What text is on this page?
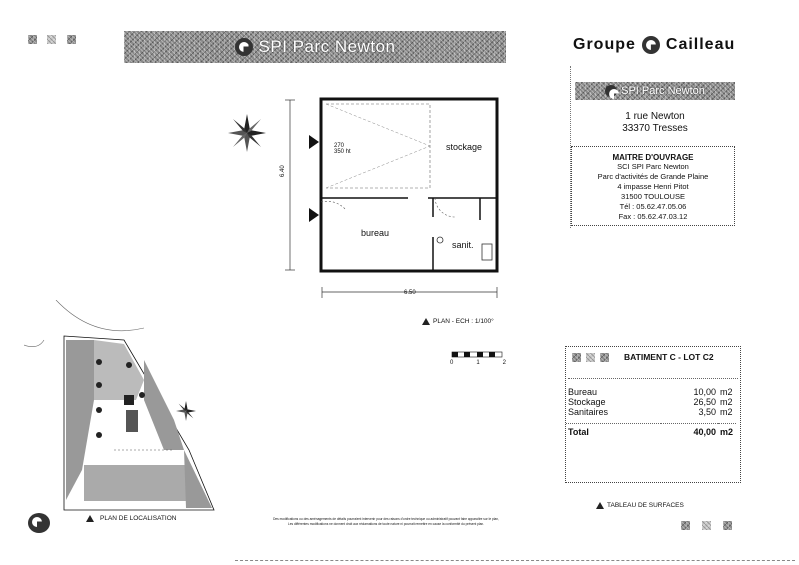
SPI Parc Newton	Groupe Cailleau
SPI Parc Newton
1 rue Newton
33370 Tresses
MAITRE D'OUVRAGE
SCI SPI Parc Newton
Parc d'activités de Grande Plaine
4 impasse Henri Pitot
31500 TOULOUSE
Tél : 05.62.47.05.06
Fax : 05.62.47.03.12
stockage
bureau
sanit.
270
350 ht
6.40
6.50
PLAN - ECH : 1/100°
0	1	2
PLAN DE LOCALISATION	Des modifications ou des aménagements de détails pourraient intervenir pour des raisons d'ordre technique ou administratif pouvant faire apparaître sur le plan,
Les différentes modifications ne donnent droit aux réclamations de toute nature ni pourrait remettre en cause la conformité du présent plan.
BATIMENT C - LOT C2
Bureau	10,00	m2
Stockage	26,50	m2
Sanitaires	3,50	m2

Total	40,00	m2
TABLEAU DE SURFACES
